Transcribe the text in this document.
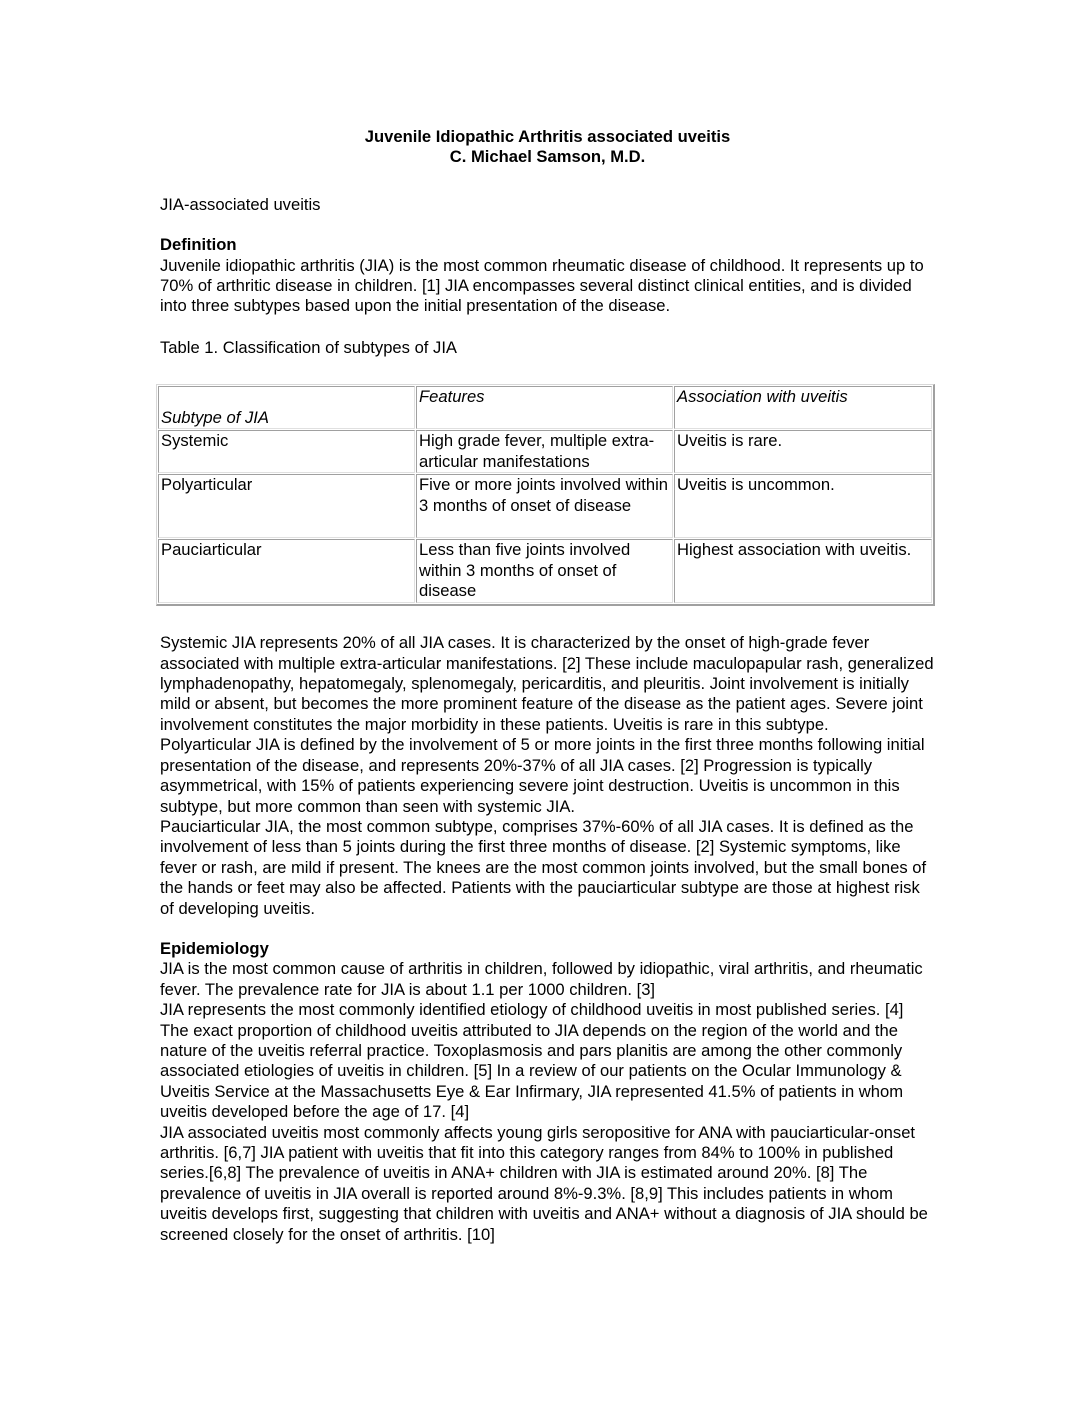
Juvenile Idiopathic Arthritis associated uveitis
C. Michael Samson, M.D.

JIA-associated uveitis

Definition

Juvenile idiopathic arthritis (JIA) is the most common rheumatic disease of childhood. It represents up to 70% of arthritic disease in children. [1] JIA encompasses several distinct clinical entities, and is divided into three subtypes based upon the initial presentation of the disease.

Table 1. Classification of subtypes of JIA

Subtype of JIA	Features	Association with uveitis
Systemic	High grade fever, multiple extra-articular manifestations	Uveitis is rare.
Polyarticular	Five or more joints involved within 3 months of onset of disease	Uveitis is uncommon.
Pauciarticular	Less than five joints involved within 3 months of onset of disease	Highest association with uveitis.

Systemic JIA represents 20% of all JIA cases. It is characterized by the onset of high-grade fever associated with multiple extra-articular manifestations. [2] These include maculopapular rash, generalized lymphadenopathy, hepatomegaly, splenomegaly, pericarditis, and pleuritis. Joint involvement is initially mild or absent, but becomes the more prominent feature of the disease as the patient ages. Severe joint involvement constitutes the major morbidity in these patients. Uveitis is rare in this subtype.

Polyarticular JIA is defined by the involvement of 5 or more joints in the first three months following initial presentation of the disease, and represents 20%-37% of all JIA cases. [2] Progression is typically asymmetrical, with 15% of patients experiencing severe joint destruction. Uveitis is uncommon in this subtype, but more common than seen with systemic JIA.

Pauciarticular JIA, the most common subtype, comprises 37%-60% of all JIA cases. It is defined as the involvement of less than 5 joints during the first three months of disease. [2] Systemic symptoms, like fever or rash, are mild if present. The knees are the most common joints involved, but the small bones of the hands or feet may also be affected. Patients with the pauciarticular subtype are those at highest risk of developing uveitis.

Epidemiology

JIA is the most common cause of arthritis in children, followed by idiopathic, viral arthritis, and rheumatic fever. The prevalence rate for JIA is about 1.1 per 1000 children. [3]

JIA represents the most commonly identified etiology of childhood uveitis in most published series. [4] The exact proportion of childhood uveitis attributed to JIA depends on the region of the world and the nature of the uveitis referral practice. Toxoplasmosis and pars planitis are among the other commonly associated etiologies of uveitis in children. [5] In a review of our patients on the Ocular Immunology & Uveitis Service at the Massachusetts Eye & Ear Infirmary, JIA represented 41.5% of patients in whom uveitis developed before the age of 17. [4]

JIA associated uveitis most commonly affects young girls seropositive for ANA with pauciarticular-onset arthritis. [6,7] JIA patient with uveitis that fit into this category ranges from 84% to 100% in published series.[6,8] The prevalence of uveitis in ANA+ children with JIA is estimated around 20%. [8] The prevalence of uveitis in JIA overall is reported around 8%-9.3%. [8,9] This includes patients in whom uveitis develops first, suggesting that children with uveitis and ANA+ without a diagnosis of JIA should be screened closely for the onset of arthritis. [10]
